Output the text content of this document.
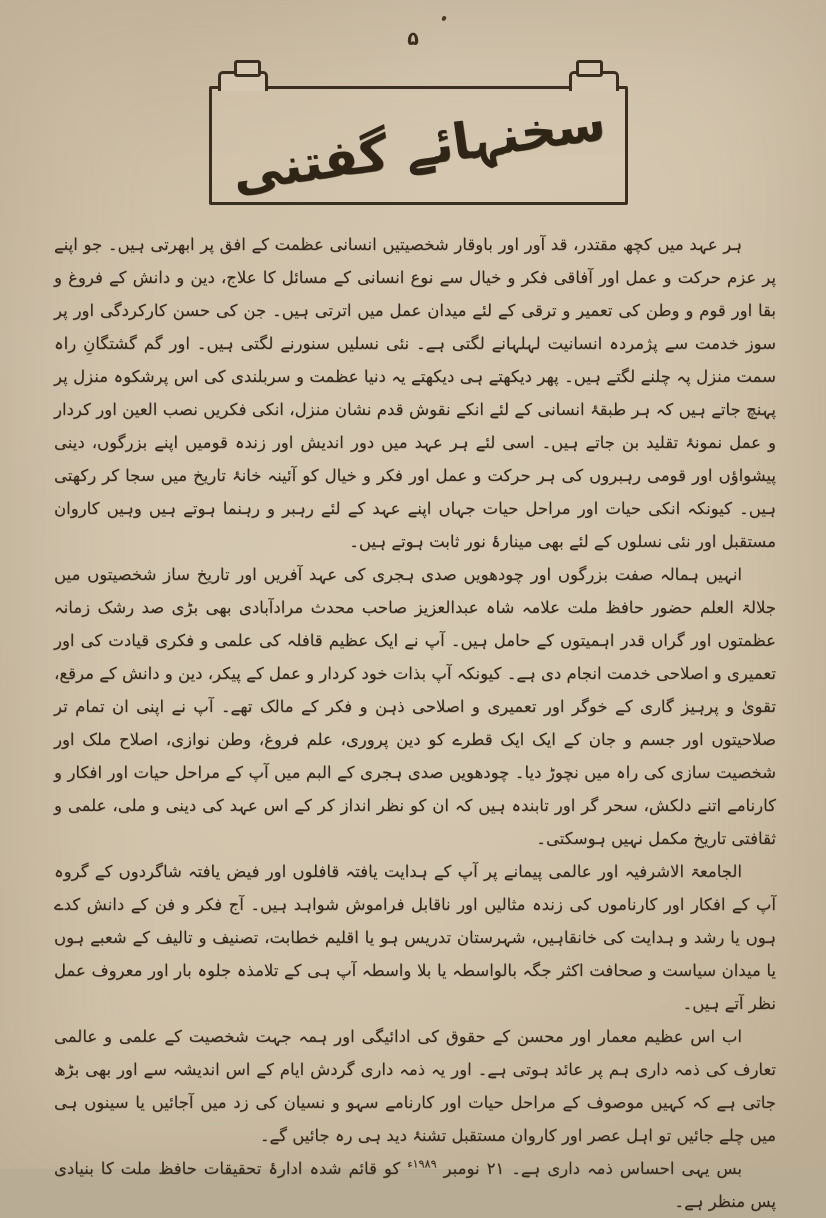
۵
سخنہائے گفتنی

ہر عہد میں کچھ مقتدر، قد آور اور باوقار شخصیتیں انسانی عظمت کے افق پر ابھرتی ہیں۔ جو اپنے پر عزم حرکت و عمل اور آفاقی فکر و خیال سے نوع انسانی کے مسائل کا علاج، دین و دانش کے فروغ و بقا اور قوم و وطن کی تعمیر و ترقی کے لئے میدان عمل میں اترتی ہیں۔ جن کی حسن کارکردگی اور پر سوز خدمت سے پژمردہ انسانیت لہلہانے لگتی ہے۔ نئی نسلیں سنورنے لگتی ہیں۔ اور گم گشتگانِ راہ سمت منزل پہ چلنے لگتے ہیں۔ پھر دیکھتے ہی دیکھتے یہ دنیا عظمت و سربلندی کی اس پرشکوہ منزل پر پہنچ جاتے ہیں کہ ہر طبقۂ انسانی کے لئے انکے نقوش قدم نشان منزل، انکی فکریں نصب العین اور کردار و عمل نمونۂ تقلید بن جاتے ہیں۔ اسی لئے ہر عہد میں دور اندیش اور زندہ قومیں اپنے بزرگوں، دینی پیشواؤں اور قومی رہبروں کی ہر حرکت و عمل اور فکر و خیال کو آئینہ خانۂ تاریخ میں سجا کر رکھتی ہیں۔ کیونکہ انکی حیات اور مراحل حیات جہاں اپنے عہد کے لئے رہبر و رہنما ہوتے ہیں وہیں کاروان مستقبل اور نئی نسلوں کے لئے بھی مینارۂ نور ثابت ہوتے ہیں۔

انہیں ہمالہ صفت بزرگوں اور چودھویں صدی ہجری کی عہد آفریں اور تاریخ ساز شخصیتوں میں جلالۃ العلم حضور حافظ ملت علامہ شاہ عبدالعزیز صاحب محدث مرادآبادی بھی بڑی صد رشک زمانہ عظمتوں اور گراں قدر اہمیتوں کے حامل ہیں۔ آپ نے ایک عظیم قافلہ کی علمی و فکری قیادت کی اور تعمیری و اصلاحی خدمت انجام دی ہے۔ کیونکہ آپ بذات خود کردار و عمل کے پیکر، دین و دانش کے مرقع، تقویٰ و پرہیز گاری کے خوگر اور تعمیری و اصلاحی ذہن و فکر کے مالک تھے۔ آپ نے اپنی ان تمام تر صلاحیتوں اور جسم و جان کے ایک ایک قطرے کو دین پروری، علم فروغ، وطن نوازی، اصلاح ملک اور شخصیت سازی کی راہ میں نچوڑ دیا۔ چودھویں صدی ہجری کے البم میں آپ کے مراحل حیات اور افکار و کارنامے اتنے دلکش، سحر گر اور تابندہ ہیں کہ ان کو نظر انداز کر کے اس عہد کی دینی و ملی، علمی و ثقافتی تاریخ مکمل نہیں ہوسکتی۔

الجامعۃ الاشرفیہ اور عالمی پیمانے پر آپ کے ہدایت یافتہ قافلوں اور فیض یافتہ شاگردوں کے گروہ آپ کے افکار اور کارناموں کی زندہ مثالیں اور ناقابل فراموش شواہد ہیں۔ آج فکر و فن کے دانش کدے ہوں یا رشد و ہدایت کی خانقاہیں، شہرستان تدریس ہو یا اقلیم خطابت، تصنیف و تالیف کے شعبے ہوں یا میدان سیاست و صحافت اکثر جگہ بالواسطہ یا بلا واسطہ آپ ہی کے تلامذہ جلوہ بار اور معروف عمل نظر آتے ہیں۔

اب اس عظیم معمار اور محسن کے حقوق کی ادائیگی اور ہمہ جہت شخصیت کے علمی و عالمی تعارف کی ذمہ داری ہم پر عائد ہوتی ہے۔ اور یہ ذمہ داری گردش ایام کے اس اندیشہ سے اور بھی بڑھ جاتی ہے کہ کہیں موصوف کے مراحل حیات اور کارنامے سہو و نسیان کی زد میں آجائیں یا سینوں ہی میں چلے جائیں تو اہل عصر اور کاروان مستقبل تشنۂ دید ہی رہ جائیں گے۔

بس یہی احساس ذمہ داری ہے۔ ۲۱ نومبر $^{۱۹۸۹ء}$ کو قائم شدہ ادارۂ تحقیقات حافظ ملت کا بنیادی پس منظر ہے۔
